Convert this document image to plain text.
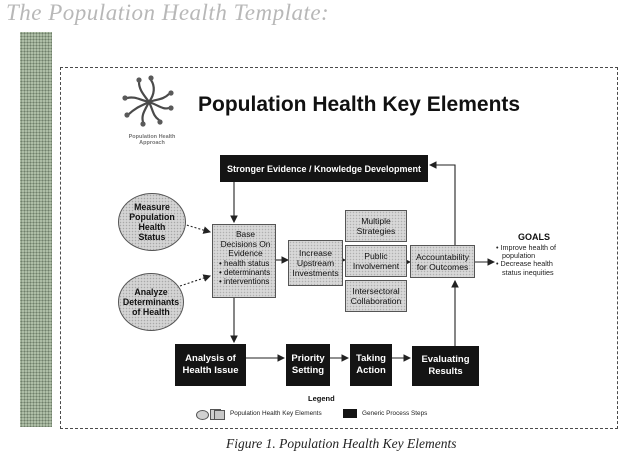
The Population Health Template:
Population Health Approach
Population Health Key Elements
Stronger Evidence / Knowledge Development
Measure Population Health Status
Analyze Determinants of Health
Base Decisions On Evidence
• health status
• determinants
• interventions
Increase Upstream Investments
Multiple Strategies
Public Involvement
Intersectoral Collaboration
Accountability for Outcomes
GOALS
• Improve health of population
• Decrease health status inequities
Analysis of Health Issue
Priority Setting
Taking Action
Evaluating Results
Legend
Population Health Key Elements	Generic Process Steps
Figure 1. Population Health Key Elements
